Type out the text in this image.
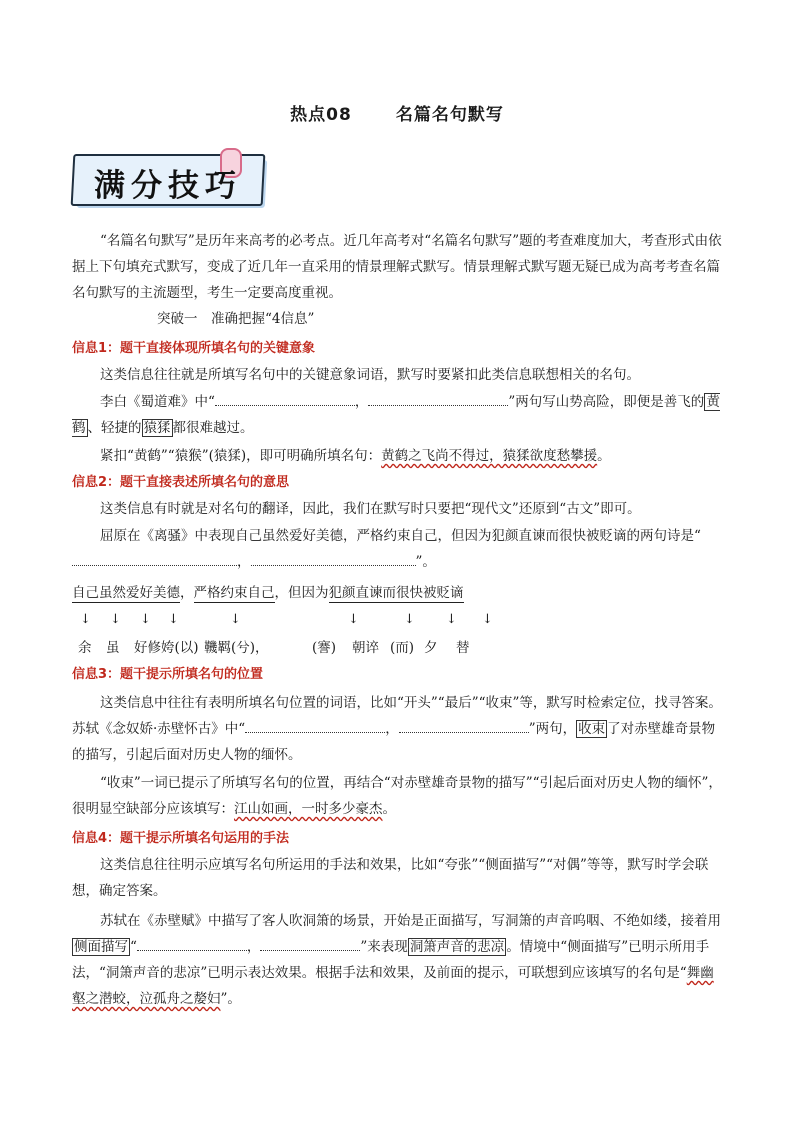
热点08	名篇名句默写
满分技巧
“名篇名句默写”是历年来高考的必考点。近几年高考对“名篇名句默写”题的考查难度加大，考查形式由依据上下句填充式默写，变成了近几年一直采用的情景理解式默写。情景理解式默写题无疑已成为高考考查名篇名句默写的主流题型，考生一定要高度重视。
突破一　准确把握“4信息”
信息1：题干直接体现所填名句的关键意象
这类信息往往就是所填写名句中的关键意象词语，默写时要紧扣此类信息联想相关的名句。
李白《蜀道难》中“	，	”两句写山势高险，即便是善飞的 黄鹤 、轻捷的 猿猱 都很难越过。
紧扣“黄鹤”“猿猴”(猿猱)，即可明确所填名句：黄鹤之飞尚不得过，猿猱欲度愁攀援。
信息2：题干直接表述所填名句的意思
这类信息有时就是对名句的翻译，因此，我们在默写时只要把“现代文”还原到“古文”即可。
屈原在《离骚》中表现自己虽然爱好美德，严格约束自己，但因为犯颜直谏而很快被贬谪的两句诗是“，	”。
自己虽然爱好美德，严格约束自己，但因为犯颜直谏而很快被贬谪
↓ ↓ ↓ ↓	↓	↓	↓ ↓ ↓
余 虽 好修姱(以) 鞿羁(兮)，	(謇) 朝谇 (而) 夕 替
信息3：题干提示所填名句的位置
这类信息中往往有表明所填名句位置的词语，比如“开头”“最后”“收束”等，默写时检索定位，找寻答案。苏轼《念奴娇·赤壁怀古》中“	，	”两句， 收束 了对赤壁雄奇景物的描写，引起后面对历史人物的缅怀。
“收束”一词已提示了所填写名句的位置，再结合“对赤壁雄奇景物的描写”“引起后面对历史人物的缅怀”，很明显空缺部分应该填写：江山如画，一时多少豪杰。
信息4：题干提示所填名句运用的手法
这类信息往往明示应填写名句所运用的手法和效果，比如“夸张”“侧面描写”“对偶”等等，默写时学会联想，确定答案。
苏轼在《赤壁赋》中描写了客人吹洞箫的场景，开始是正面描写，写洞箫的声音呜咽、不绝如缕，接着用侧面描写 “	，	”来表现 洞箫声音的悲凉 。情境中“侧面描写”已明示所用手法，“洞箫声音的悲凉”已明示表达效果。根据手法和效果，及前面的提示，可联想到应该填写的名句是“舞幽壑之潜蛟，泣孤舟之嫠妇”。
